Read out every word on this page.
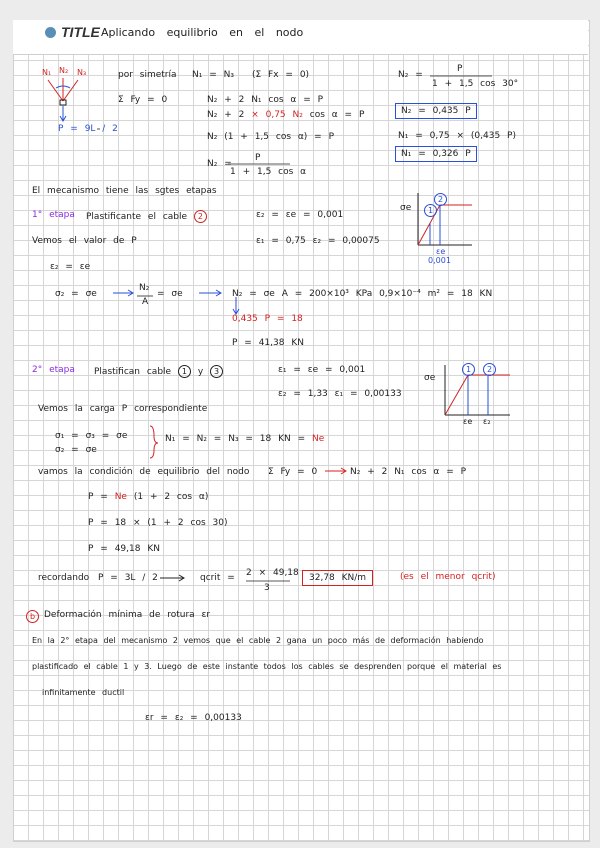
TITLE Aplicando equilibrio en el nodo
N₁ N₂ N₃
P = 9L / 2
por simetría N₁ = N₃ (Σ Fx = 0)
Σ Fy = 0	N₂ + 2 N₁ cos α = P
N₂ + 2 × 0,75 N₂ cos α = P
N₂ (1 + 1,5 cos α) = P
N₂ =
P
1 + 1,5 cos α
N₂ =
P
1 + 1,5 cos 30°
N₂ = 0,435 P
N₁ = 0,75 × (0,435 P)
N₁ = 0,326 P
El mecanismo tiene las sgtes etapas
1° etapa Plastificante el cable 2	ε₂ = εe = 0,001
Vemos el valor de P	ε₁ = 0,75 ε₂ = 0,00075
ε₂ = εe
σ₂ = σe
N₂
A
= σe	N₂ = σe A = 200×10³ KPa 0,9×10⁻⁴ m² = 18 KN
0,435 P = 18
P = 41,38 KN
σe
εe
0,001
1
2
2° etapa Plastifican cable 1 y 3	ε₁ = εe = 0,001
ε₂ = 1,33 ε₁ = 0,00133
Vemos la carga P correspondiente
σ₁ = σ₃ = σe
σ₂ = σe
N₁ = N₂ = N₃ = 18 KN = Ne
vamos la condición de equilibrio del nodo Σ Fy = 0	N₂ + 2 N₁ cos α = P
P = Ne (1 + 2 cos α)
P = 18 × (1 + 2 cos 30)
P = 49,18 KN
σe
εe ε₂
1	2
recordando P = 3L / 2	qcrit = 2 × 49,18
3
32,78 KN/m	(es el menor qcrit)
b Deformación mínima de rotura εr
En la 2° etapa del mecanismo 2 vemos que el cable 2 gana un poco más de deformación habiendo
plastificado el cable 1 y 3. Luego de este instante todos los cables se desprenden porque el material es
infinitamente ductil
εr = ε₂ = 0,00133
